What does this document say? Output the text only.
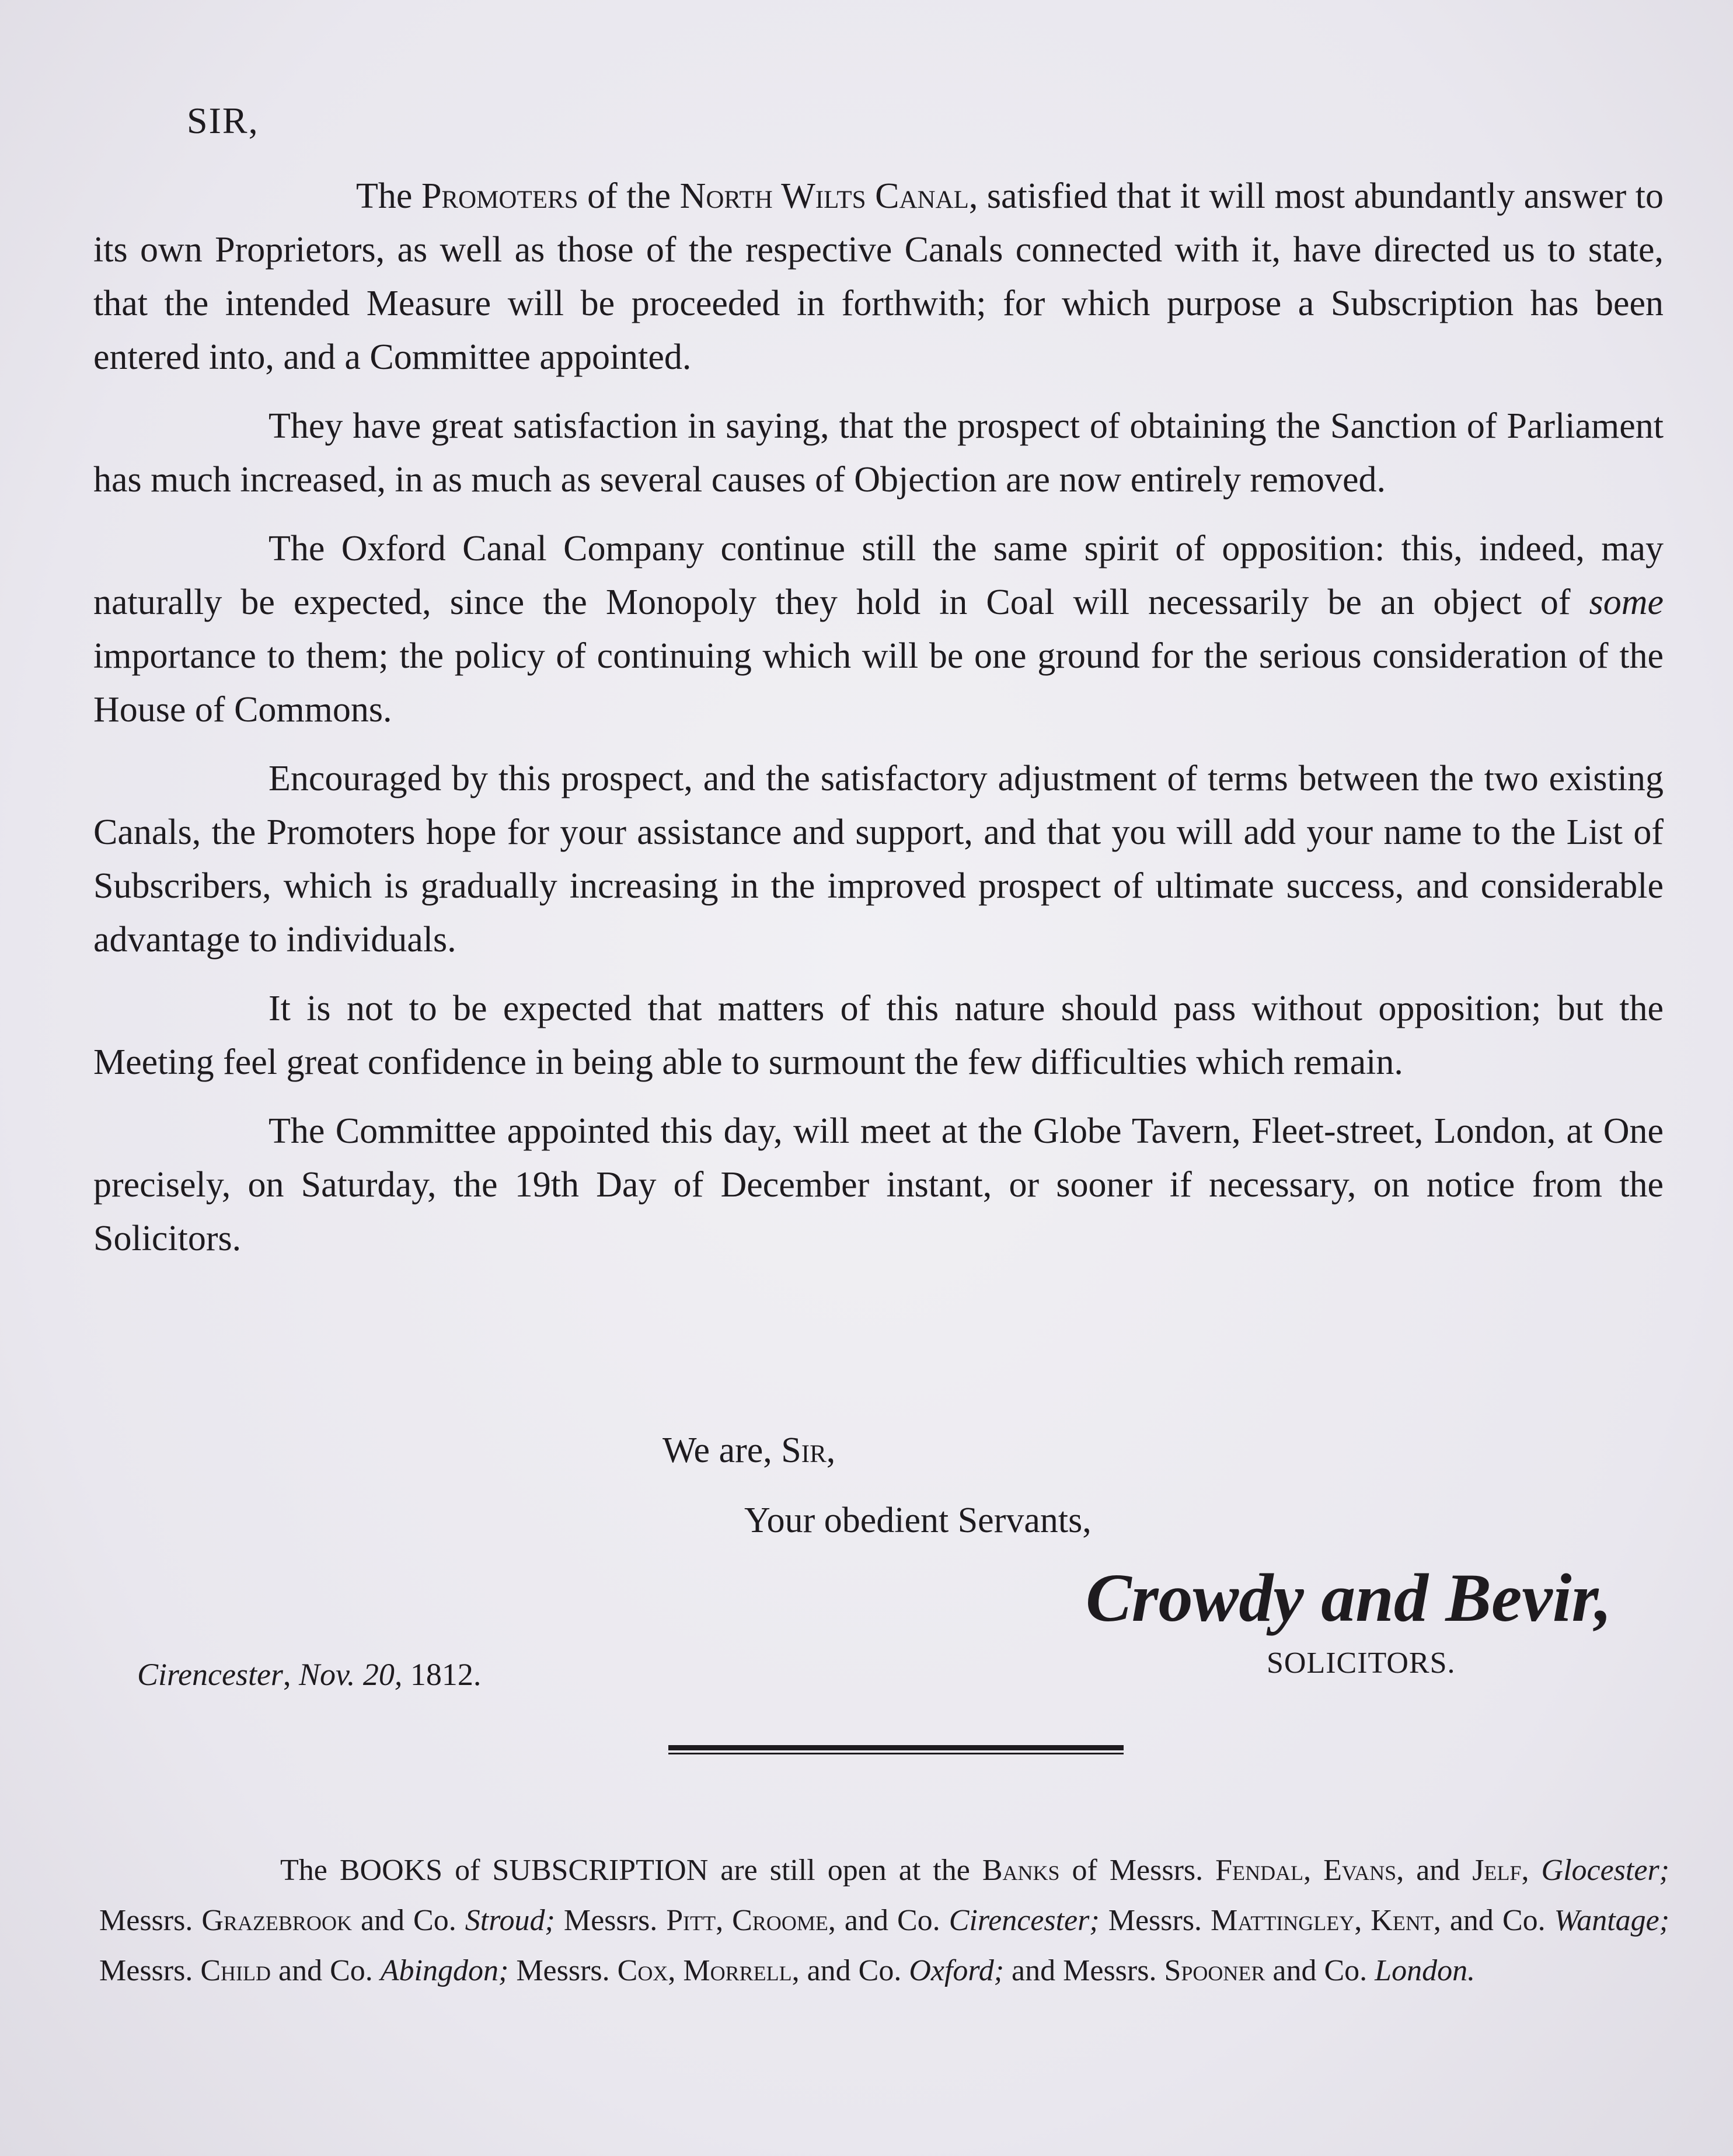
SIR,

The Promoters of the North Wilts Canal, satisfied that it will most abundantly answer to its own Proprietors, as well as those of the respective Canals connected with it, have directed us to state, that the intended Measure will be proceeded in forthwith; for which purpose a Subscription has been entered into, and a Committee appointed.

They have great satisfaction in saying, that the prospect of obtaining the Sanction of Parliament has much increased, in as much as several causes of Objection are now entirely removed.

The Oxford Canal Company continue still the same spirit of opposition: this, indeed, may naturally be expected, since the Monopoly they hold in Coal will necessarily be an object of some importance to them; the policy of continuing which will be one ground for the serious consideration of the House of Commons.

Encouraged by this prospect, and the satisfactory adjustment of terms between the two existing Canals, the Promoters hope for your assistance and support, and that you will add your name to the List of Subscribers, which is gradually increasing in the improved prospect of ultimate success, and considerable advantage to individuals.

It is not to be expected that matters of this nature should pass without opposition; but the Meeting feel great confidence in being able to surmount the few difficulties which remain.

The Committee appointed this day, will meet at the Globe Tavern, Fleet-street, London, at One precisely, on Saturday, the 19th Day of December instant, or sooner if necessary, on notice from the Solicitors.

We are, Sir,
Your obedient Servants,
Crowdy and Bevir,
SOLICITORS.
Cirencester, Nov. 20, 1812.

The BOOKS of SUBSCRIPTION are still open at the Banks of Messrs. Fendal, Evans, and Jelf, Glocester; Messrs. Grazebrook and Co. Stroud; Messrs. Pitt, Croome, and Co. Cirencester; Messrs. Mattingley, Kent, and Co. Wantage; Messrs. Child and Co. Abingdon; Messrs. Cox, Morrell, and Co. Oxford; and Messrs. Spooner and Co. London.
